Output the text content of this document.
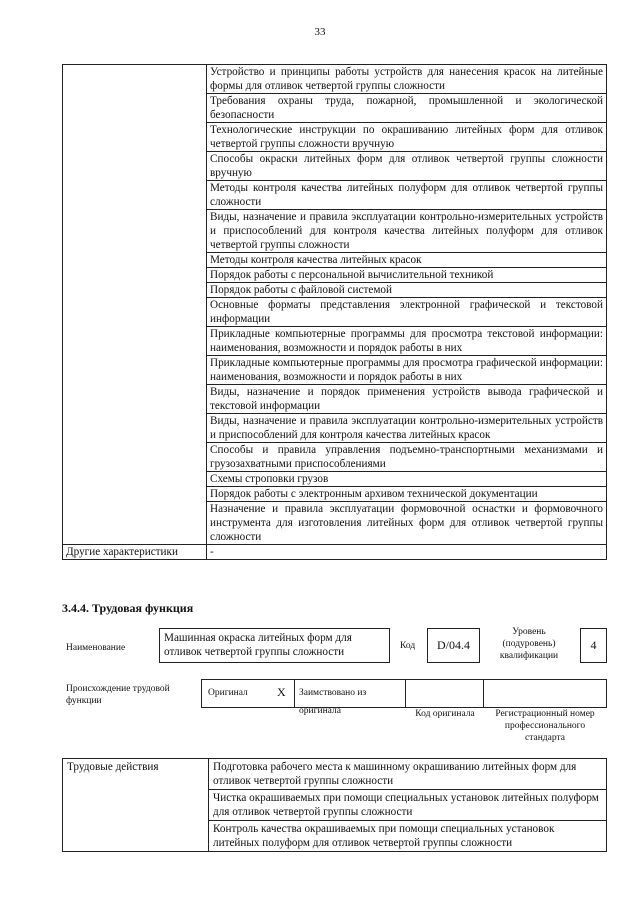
33
	Устройство и принципы работы устройств для нанесения красок на литейные формы для отливок четвертой группы сложности
	Требования охраны труда, пожарной, промышленной и экологической безопасности
	Технологические инструкции по окрашиванию литейных форм для отливок четвертой группы сложности вручную
	Способы окраски литейных форм для отливок четвертой группы сложности вручную
	Методы контроля качества литейных полуформ для отливок четвертой группы сложности
	Виды, назначение и правила эксплуатации контрольно-измерительных устройств и приспособлений для контроля качества литейных полуформ для отливок четвертой группы сложности
	Методы контроля качества литейных красок
	Порядок работы с персональной вычислительной техникой
	Порядок работы с файловой системой
	Основные форматы представления электронной графической и текстовой информации
	Прикладные компьютерные программы для просмотра текстовой информации: наименования, возможности и порядок работы в них
	Прикладные компьютерные программы для просмотра графической информации: наименования, возможности и порядок работы в них
	Виды, назначение и порядок применения устройств вывода графической и текстовой информации
	Виды, назначение и правила эксплуатации контрольно-измерительных устройств и приспособлений для контроля качества литейных красок
	Способы и правила управления подъемно-транспортными механизмами и грузозахватными приспособлениями
	Схемы строповки грузов
	Порядок работы с электронным архивом технической документации
	Назначение и правила эксплуатации формовочной оснастки и формовочного инструмента для изготовления литейных форм для отливок четвертой группы сложности
Другие характеристики	-
3.4.4. Трудовая функция
Наименование
Машинная окраска литейных форм для отливок четвертой группы сложности	Код	D/04.4
Уровень (подуровень) квалификации
4
Происхождение трудовой функции
Оригинал X	Заимствовано из оригинала	Код оригинала	Регистрационный номер профессионального стандарта
Трудовые действия	Подготовка рабочего места к машинному окрашиванию литейных форм для отливок четвертой группы сложности
Чистка окрашиваемых при помощи специальных установок литейных полуформ для отливок четвертой группы сложности
Контроль качества окрашиваемых при помощи специальных установок литейных полуформ для отливок четвертой группы сложности
